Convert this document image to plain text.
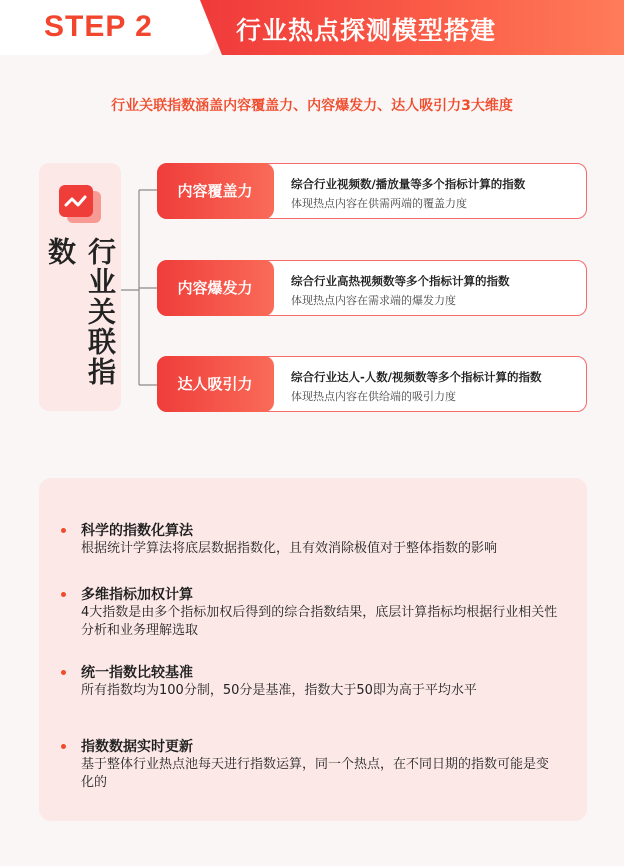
STEP 2	行业热点探测模型搭建
行业关联指数涵盖内容覆盖力、内容爆发力、达人吸引力3大维度
行业关联指数
内容覆盖力	综合行业视频数/播放量等多个指标计算的指数
体现热点内容在供需两端的覆盖力度
内容爆发力	综合行业高热视频数等多个指标计算的指数
体现热点内容在需求端的爆发力度
达人吸引力	综合行业达人-人数/视频数等多个指标计算的指数
体现热点内容在供给端的吸引力度
科学的指数化算法
根据统计学算法将底层数据指数化，且有效消除极值对于整体指数的影响
多维指标加权计算
4大指数是由多个指标加权后得到的综合指数结果，底层计算指标均根据行业相关性分析和业务理解选取
统一指数比较基准
所有指数均为100分制，50分是基准，指数大于50即为高于平均水平
指数数据实时更新
基于整体行业热点池每天进行指数运算，同一个热点，在不同日期的指数可能是变化的
